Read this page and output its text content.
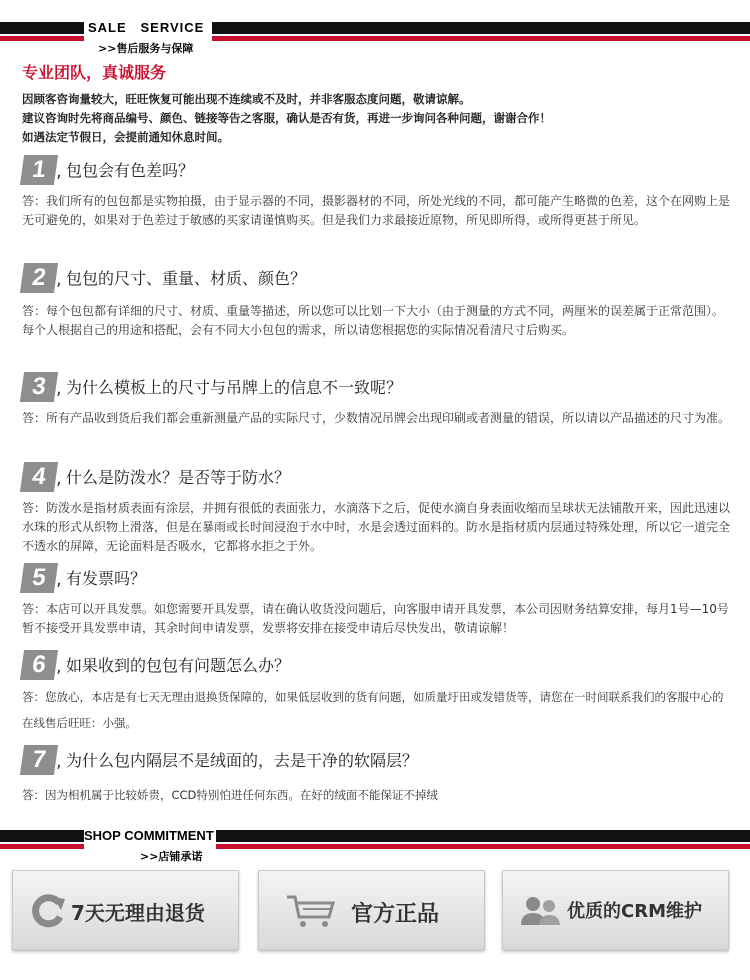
SALE   SERVICE
>>售后服务与保障
专业团队，真诚服务
因顾客咨询量较大，旺旺恢复可能出现不连续或不及时，并非客服态度问题，敬请谅解。
建议咨询时先将商品编号、颜色、链接等告之客服，确认是否有货，再进一步询问各种问题，谢谢合作！
如遇法定节假日，会提前通知休息时间。
1 , 包包会有色差吗？
答：我们所有的包包都是实物拍摄，由于显示器的不同，摄影器材的不同，所处光线的不同，都可能产生略微的色差，这个在网购上是无可避免的，如果对于色差过于敏感的买家请谨慎购买。但是我们力求最接近原物，所见即所得，或所得更甚于所见。
2 , 包包的尺寸、重量、材质、颜色？
答：每个包包都有详细的尺寸、材质、重量等描述，所以您可以比划一下大小（由于测量的方式不同，两厘米的误差属于正常范围）。每个人根据自己的用途和搭配，会有不同大小包包的需求，所以请您根据您的实际情况看清尺寸后购买。
3 , 为什么模板上的尺寸与吊牌上的信息不一致呢？
答：所有产品收到货后我们都会重新测量产品的实际尺寸，少数情况吊牌会出现印刷或者测量的错误，所以请以产品描述的尺寸为准。
4 , 什么是防泼水？是否等于防水？
答：防泼水是指材质表面有涂层，并拥有很低的表面张力，水滴落下之后，促使水滴自身表面收缩而呈球状无法铺散开来，因此迅速以水珠的形式从织物上滑落，但是在暴雨或长时间浸泡于水中时，水是会透过面料的。防水是指材质内层通过特殊处理，所以它一道完全不透水的屏障，无论面料是否吸水，它都将水拒之于外。
5 , 有发票吗？
答：本店可以开具发票。如您需要开具发票，请在确认收货没问题后，向客服申请开具发票，本公司因财务结算安排，每月1号—10号暂不接受开具发票申请，其余时间申请发票，发票将安排在接受申请后尽快发出，敬请谅解！
6 , 如果收到的包包有问题怎么办？
答：您放心，本店是有七天无理由退换货保障的，如果低层收到的货有问题，如质量圩田或发错货等，请您在一时间联系我们的客服中心的在线售后旺旺：小强。
7 , 为什么包内隔层不是绒面的，去是干净的软隔层？
答：因为相机属于比较娇贵，CCD特别怕进任何东西。在好的绒面不能保证不掉绒
SHOP COMMITMENT
>>店铺承诺
7天无理由退货	官方正品	优质的CRM维护
